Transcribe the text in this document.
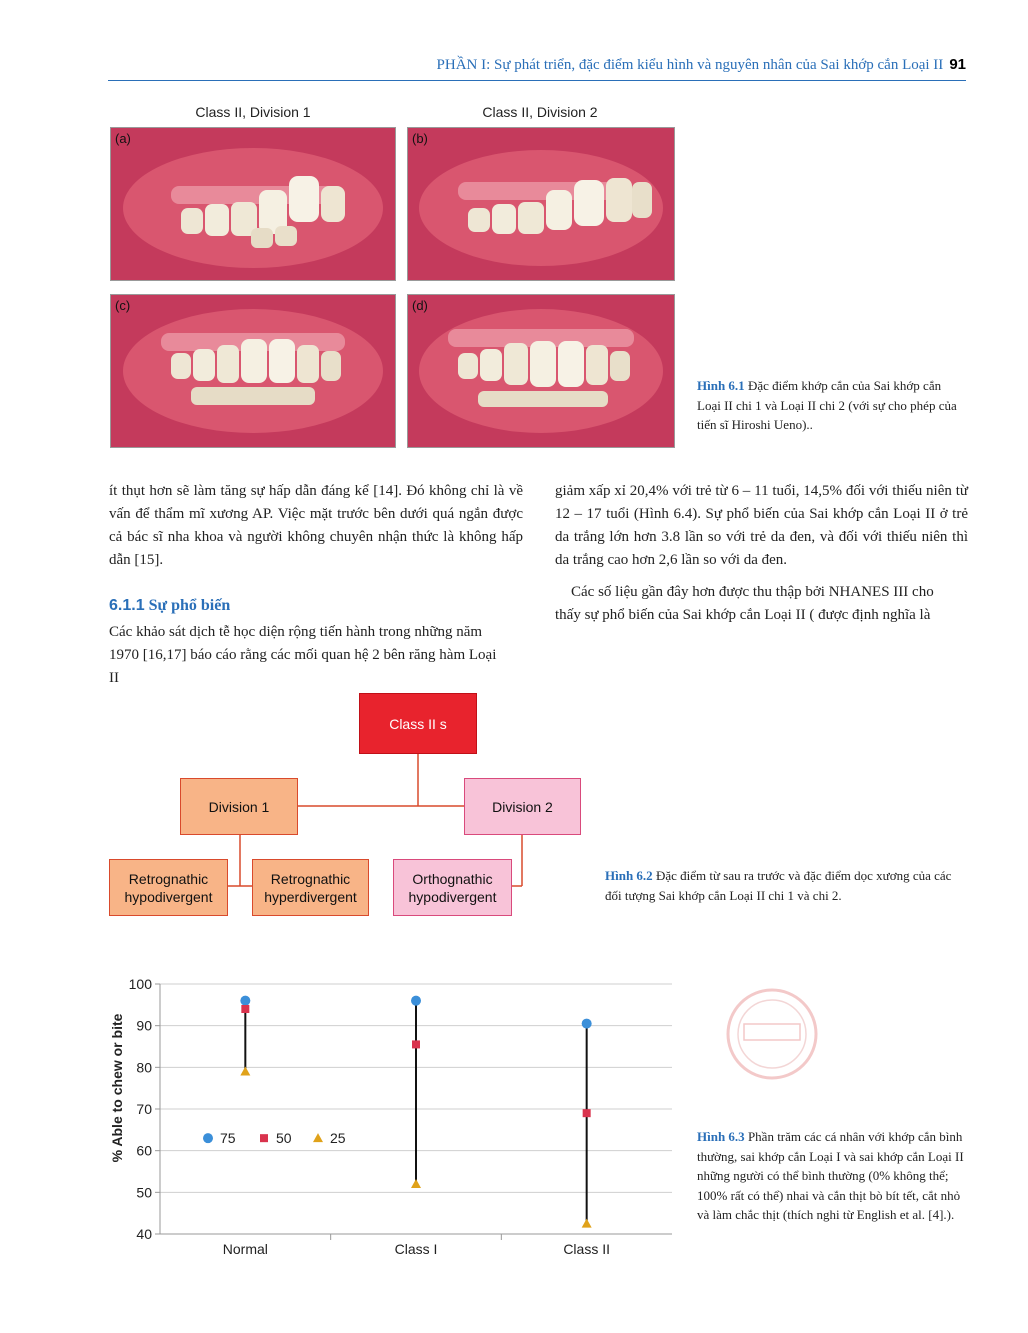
PHẦN I: Sự phát triển, đặc điểm kiểu hình và nguyên nhân của Sai khớp cắn Loại II 91
Class II, Division 1	Class II, Division 2
(a)	(b)
(c)	(d)
Hình 6.1 Đặc điểm khớp cắn của Sai khớp cắn Loại II chi 1 và Loại II chi 2 (với sự cho phép của tiến sĩ Hiroshi Ueno)..
ít thụt hơn sẽ làm tăng sự hấp dẫn đáng kể [14]. Đó không chỉ là về vấn để thẩm mĩ xương AP. Việc mặt trước bên dưới quá ngắn được cả bác sĩ nha khoa và người không chuyên nhận thức là không hấp dẫn [15].
6.1.1 Sự phổ biến
Các khảo sát dịch tễ học diện rộng tiến hành trong những năm 1970 [16,17] báo cáo rằng các mối quan hệ 2 bên răng hàm Loại II
giảm xấp xỉ 20,4% với trẻ từ 6 – 11 tuổi, 14,5% đối với thiếu niên từ 12 – 17 tuổi (Hình 6.4). Sự phổ biến của Sai khớp cắn Loại II ở trẻ da trắng lớn hơn 3.8 lần so với trẻ da đen, và đối với thiếu niên thì da trắng cao hơn 2,6 lần so với da đen.
Các số liệu gần đây hơn được thu thập bởi NHANES III cho thấy sự phổ biến của Sai khớp cắn Loại II ( được định nghĩa là
Class II s
Division 1	Division 2
Retrognathic hypodivergent
Retrognathic hyperdivergent
Orthognathic hypodivergent
Hình 6.2 Đặc điểm từ sau ra trước và đặc điểm dọc xương của các đối tượng Sai khớp cắn Loại II chi 1 và chi 2.
40
50
60
70
80
90
100
Normal	Class I	Class II
75	50	25
% Able to chew or bite	Hình 6.3 Phần trăm các cá nhân với khớp cắn bình thường, sai khớp cắn Loại I và sai khớp cắn Loại II những người có thể bình thường (0% không thể; 100% rất có thể) nhai và cắn thịt bò bít tết, cắt nhỏ và làm chắc thịt (thích nghi từ English et al. [4].).
